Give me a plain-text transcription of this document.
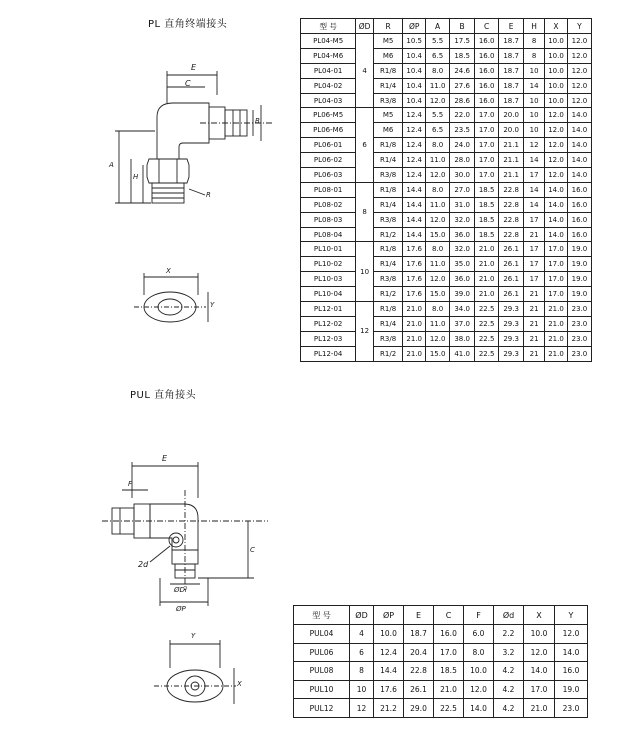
PL 直角终端接头
E
C
B
H
A
R
X
Y
型 号	ØD	R	ØP	A	B	C	E	H	X	Y
PL04-M5	4	M5	10.5	5.5	17.5	16.0	18.7	8	10.0	12.0
PL04-M6		M6	10.4	6.5	18.5	16.0	18.7	8	10.0	12.0
PL04-01		R1/8	10.4	8.0	24.6	16.0	18.7	10	10.0	12.0
PL04-02		R1/4	10.4	11.0	27.6	16.0	18.7	14	10.0	12.0
PL04-03		R3/8	10.4	12.0	28.6	16.0	18.7	10	10.0	12.0
PL06-M5	6	M5	12.4	5.5	22.0	17.0	20.0	10	12.0	14.0
PL06-M6		M6	12.4	6.5	23.5	17.0	20.0	10	12.0	14.0
PL06-01		R1/8	12.4	8.0	24.0	17.0	21.1	12	12.0	14.0
PL06-02		R1/4	12.4	11.0	28.0	17.0	21.1	14	12.0	14.0
PL06-03		R3/8	12.4	12.0	30.0	17.0	21.1	17	12.0	14.0
PL08-01	8	R1/8	14.4	8.0	27.0	18.5	22.8	14	14.0	16.0
PL08-02		R1/4	14.4	11.0	31.0	18.5	22.8	14	14.0	16.0
PL08-03		R3/8	14.4	12.0	32.0	18.5	22.8	17	14.0	16.0
PL08-04		R1/2	14.4	15.0	36.0	18.5	22.8	21	14.0	16.0
PL10-01	10	R1/8	17.6	8.0	32.0	21.0	26.1	17	17.0	19.0
PL10-02		R1/4	17.6	11.0	35.0	21.0	26.1	17	17.0	19.0
PL10-03		R3/8	17.6	12.0	36.0	21.0	26.1	17	17.0	19.0
PL10-04		R1/2	17.6	15.0	39.0	21.0	26.1	21	17.0	19.0
PL12-01	12	R1/8	21.0	8.0	34.0	22.5	29.3	21	21.0	23.0
PL12-02		R1/4	21.0	11.0	37.0	22.5	29.3	21	21.0	23.0
PL12-03		R3/8	21.0	12.0	38.0	22.5	29.3	21	21.0	23.0
PL12-04		R1/2	21.0	15.0	41.0	22.5	29.3	21	21.0	23.0
PUL 直角接头
E
F
C
2d
ØDl
ØP
Y
X
型 号	ØD	ØP	E	C	F	Ød	X	Y
PUL04	4	10.0	18.7	16.0	6.0	2.2	10.0	12.0
PUL06	6	12.4	20.4	17.0	8.0	3.2	12.0	14.0
PUL08	8	14.4	22.8	18.5	10.0	4.2	14.0	16.0
PUL10	10	17.6	26.1	21.0	12.0	4.2	17.0	19.0
PUL12	12	21.2	29.0	22.5	14.0	4.2	21.0	23.0
